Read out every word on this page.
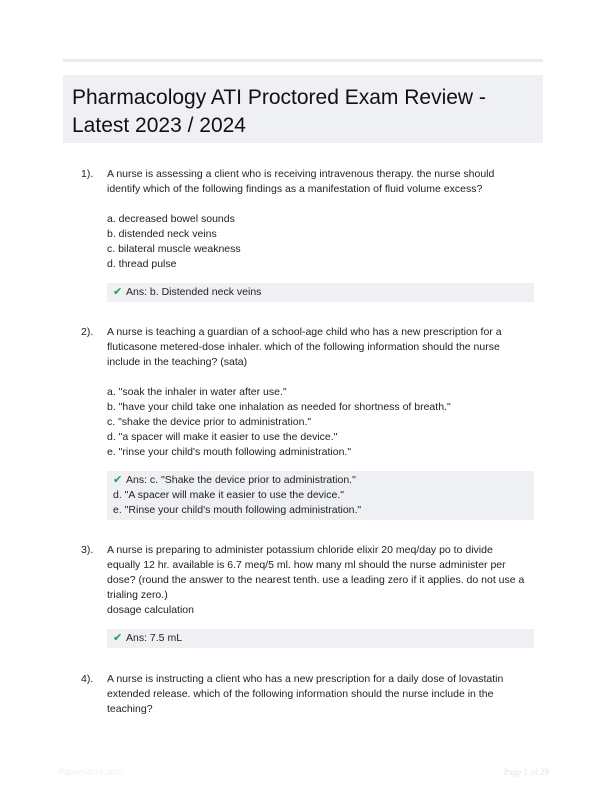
Pharmacology ATI Proctored Exam Review -
Latest 2023 / 2024
1). A nurse is assessing a client who is receiving intravenous therapy. the nurse should

identify which of the following findings as a manifestation of fluid volume excess?

a. decreased bowel sounds
b. distended neck veins
c. bilateral muscle weakness
d. thread pulse
✔ Ans: b. Distended neck veins
2). A nurse is teaching a guardian of a school-age child who has a new prescription for a

fluticasone metered-dose inhaler. which of the following information should the nurse

include in the teaching? (sata)

a. "soak the inhaler in water after use."
b. "have your child take one inhalation as needed for shortness of breath."
c. "shake the device prior to administration."
d. "a spacer will make it easier to use the device."
e. "rinse your child's mouth following administration."
✔ Ans: c. "Shake the device prior to administration."
d. "A spacer will make it easier to use the device."
e. "Rinse your child's mouth following administration."
3). A nurse is preparing to administer potassium chloride elixir 20 meq/day po to divide

equally 12 hr. available is 6.7 meq/5 ml. how many ml should the nurse administer per

dose? (round the answer to the nearest tenth. use a leading zero if it applies. do not use a

trialing zero.)

dosage calculation

✔ Ans: 7.5 mL
4). A nurse is instructing a client who has a new prescription for a daily dose of lovastatin

extended release. which of the following information should the nurse include in the

teaching?

PaperStore.com	Page 1 of 29
